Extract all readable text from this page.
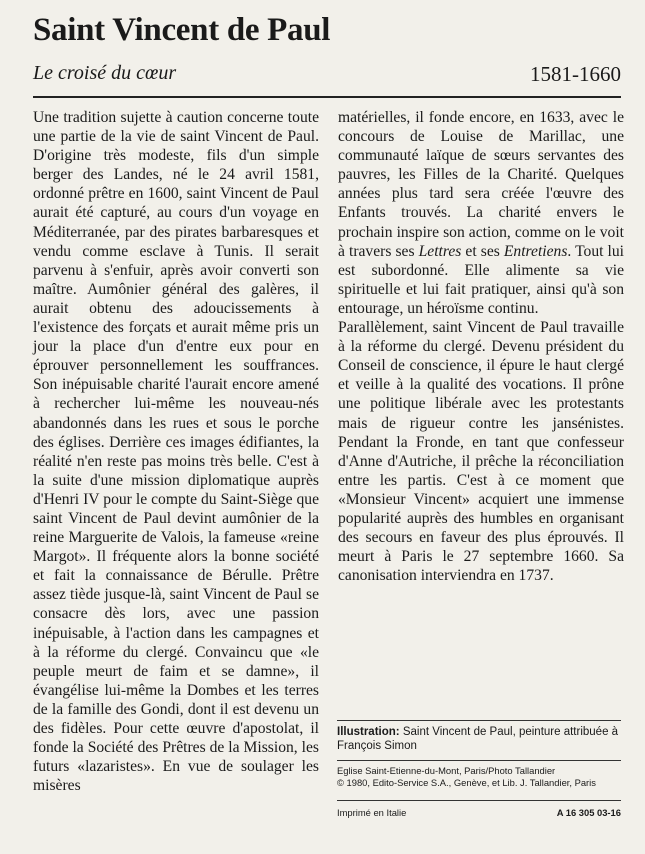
Saint Vincent de Paul
Le croisé du cœur	1581-1660

Une tradition sujette à caution concerne toute une partie de la vie de saint Vincent de Paul. D'origine très modeste, fils d'un simple berger des Landes, né le 24 avril 1581, ordonné prêtre en 1600, saint Vincent de Paul aurait été capturé, au cours d'un voyage en Méditerranée, par des pirates barbaresques et vendu comme esclave à Tunis. Il serait parvenu à s'enfuir, après avoir converti son maître. Aumônier général des galères, il aurait obtenu des adoucissements à l'existence des forçats et aurait même pris un jour la place d'un d'entre eux pour en éprouver personnellement les souffrances. Son inépuisable charité l'aurait encore amené à rechercher lui-même les nouveau-nés abandonnés dans les rues et sous le porche des églises. Derrière ces images édifiantes, la réalité n'en reste pas moins très belle. C'est à la suite d'une mission diplomatique auprès d'Henri IV pour le compte du Saint-Siège que saint Vincent de Paul devint aumônier de la reine Marguerite de Valois, la fameuse «reine Margot». Il fréquente alors la bonne société et fait la connaissance de Bérulle. Prêtre assez tiède jusque-là, saint Vincent de Paul se consacre dès lors, avec une passion inépuisable, à l'action dans les campagnes et à la réforme du clergé. Convaincu que «le peuple meurt de faim et se damne», il évangélise lui-même la Dombes et les terres de la famille des Gondi, dont il est devenu un des fidèles. Pour cette œuvre d'apostolat, il fonde la Société des Prêtres de la Mission, les futurs «lazaristes». En vue de soulager les misères

matérielles, il fonde encore, en 1633, avec le concours de Louise de Marillac, une communauté laïque de sœurs servantes des pauvres, les Filles de la Charité. Quelques années plus tard sera créée l'œuvre des Enfants trouvés. La charité envers le prochain inspire son action, comme on le voit à travers ses Lettres et ses Entretiens. Tout lui est subordonné. Elle alimente sa vie spirituelle et lui fait pratiquer, ainsi qu'à son entourage, un héroïsme continu.

Parallèlement, saint Vincent de Paul travaille à la réforme du clergé. Devenu président du Conseil de conscience, il épure le haut clergé et veille à la qualité des vocations. Il prône une politique libérale avec les protestants mais de rigueur contre les jansénistes. Pendant la Fronde, en tant que confesseur d'Anne d'Autriche, il prêche la réconciliation entre les partis. C'est à ce moment que «Monsieur Vincent» acquiert une immense popularité auprès des humbles en organisant des secours en faveur des plus éprouvés. Il meurt à Paris le 27 septembre 1660. Sa canonisation interviendra en 1737.

Illustration: Saint Vincent de Paul, peinture attribuée à François Simon
Eglise Saint-Etienne-du-Mont, Paris/Photo Tallandier
© 1980, Edito-Service S.A., Genève, et Lib. J. Tallandier, Paris
Imprimé en Italie	A 16 305 03-16
